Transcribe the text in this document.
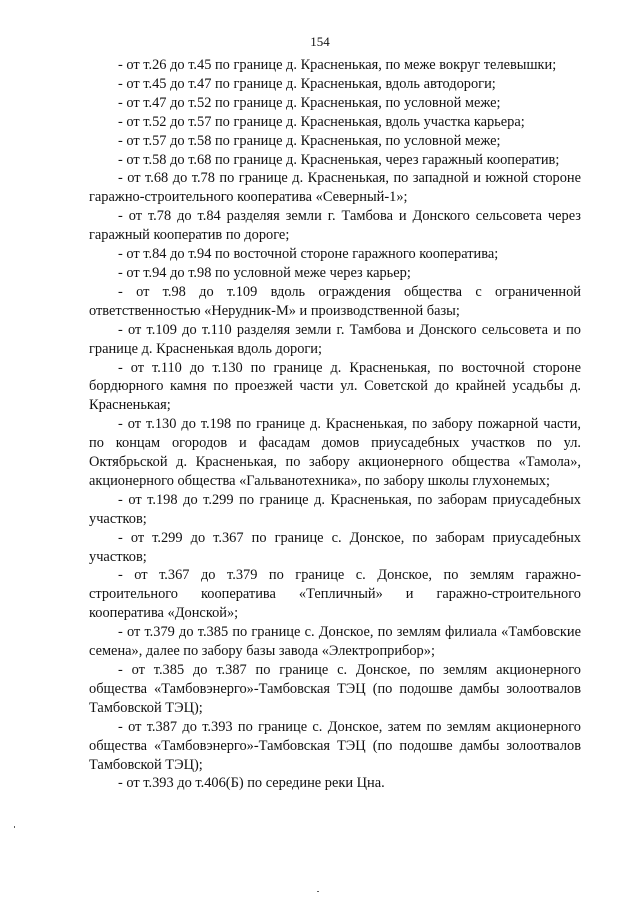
154

- от т.26 до т.45 по границе д. Красненькая, по меже вокруг телевышки;

- от т.45 до т.47 по границе д. Красненькая, вдоль автодороги;

- от т.47 до т.52 по границе д. Красненькая, по условной меже;

- от т.52 до т.57 по границе д. Красненькая, вдоль участка карьера;

- от т.57 до т.58 по границе д. Красненькая, по условной меже;

- от т.58 до т.68 по границе д. Красненькая, через гаражный кооператив;

- от т.68 до т.78 по границе д. Красненькая, по западной и южной стороне гаражно-строительного кооператива «Северный-1»;

- от т.78 до т.84 разделяя земли г. Тамбова и Донского сельсовета через гаражный кооператив по дороге;

- от т.84 до т.94 по восточной стороне гаражного кооператива;

- от т.94 до т.98 по условной меже через карьер;

- от т.98 до т.109 вдоль ограждения общества с ограниченной ответственностью «Нерудник-М» и производственной базы;

- от т.109 до т.110 разделяя земли г. Тамбова и Донского сельсовета и по границе д. Красненькая вдоль дороги;

- от т.110 до т.130 по границе д. Красненькая, по восточной стороне бордюрного камня по проезжей части ул. Советской до крайней усадьбы д. Красненькая;

- от т.130 до т.198 по границе д. Красненькая, по забору пожарной части, по концам огородов и фасадам домов приусадебных участков по ул. Октябрьской д. Красненькая, по забору акционерного общества «Тамола», акционерного общества «Гальванотехника», по забору школы глухонемых;

- от т.198 до т.299 по границе д. Красненькая, по заборам приусадебных участков;

- от т.299 до т.367 по границе с. Донское, по заборам приусадебных участков;

- от т.367 до т.379 по границе с. Донское, по землям гаражно-строительного кооператива «Тепличный» и гаражно-строительного кооператива «Донской»;

- от т.379 до т.385 по границе с. Донское, по землям филиала «Тамбовские семена», далее по забору базы завода «Электроприбор»;

- от т.385 до т.387 по границе с. Донское, по землям акционерного общества «Тамбовэнерго»-Тамбовская ТЭЦ (по подошве дамбы золоотвалов Тамбовской ТЭЦ);

- от т.387 до т.393 по границе с. Донское, затем по землям акционерного общества «Тамбовэнерго»-Тамбовская ТЭЦ (по подошве дамбы золоотвалов Тамбовской ТЭЦ);

- от т.393 до т.406(Б) по середине реки Цна.
